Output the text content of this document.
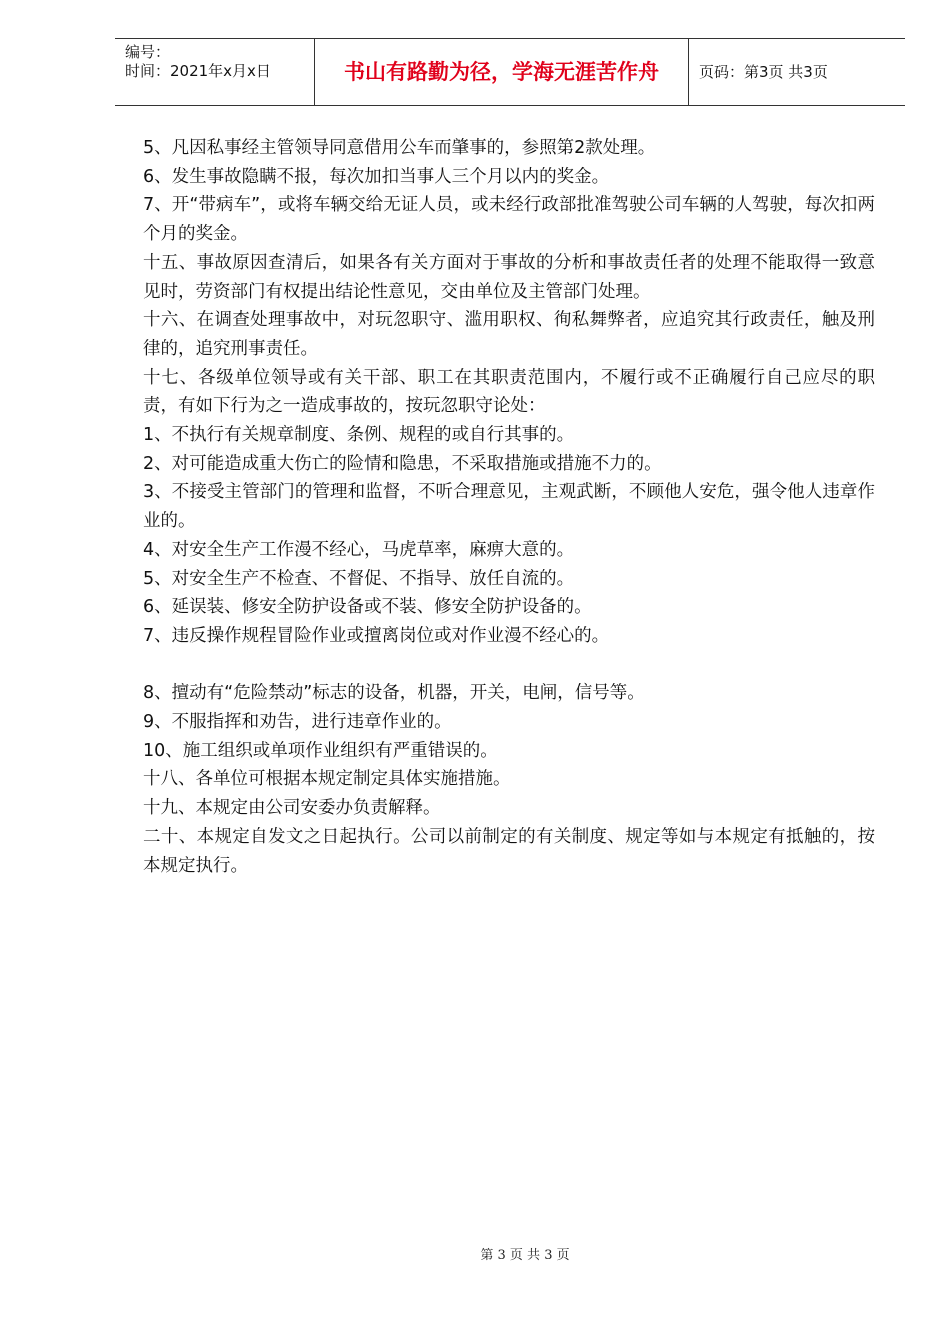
编号：
时间：2021年x月x日	书山有路勤为径，学海无涯苦作舟	页码：第3页 共3页

5、凡因私事经主管领导同意借用公车而肇事的，参照第2款处理。

6、发生事故隐瞒不报，每次加扣当事人三个月以内的奖金。

7、开“带病车”，或将车辆交给无证人员，或未经行政部批准驾驶公司车辆的人驾驶，每次扣两个月的奖金。

十五、事故原因查清后，如果各有关方面对于事故的分析和事故责任者的处理不能取得一致意见时，劳资部门有权提出结论性意见，交由单位及主管部门处理。

十六、在调查处理事故中，对玩忽职守、滥用职权、徇私舞弊者，应追究其行政责任，触及刑律的，追究刑事责任。

十七、各级单位领导或有关干部、职工在其职责范围内，不履行或不正确履行自己应尽的职责，有如下行为之一造成事故的，按玩忽职守论处：

1、不执行有关规章制度、条例、规程的或自行其事的。

2、对可能造成重大伤亡的险情和隐患，不采取措施或措施不力的。

3、不接受主管部门的管理和监督，不听合理意见，主观武断，不顾他人安危，强令他人违章作业的。

4、对安全生产工作漫不经心，马虎草率，麻痹大意的。

5、对安全生产不检查、不督促、不指导、放任自流的。

6、延误装、修安全防护设备或不装、修安全防护设备的。

7、违反操作规程冒险作业或擅离岗位或对作业漫不经心的。

8、擅动有“危险禁动”标志的设备，机器，开关，电闸，信号等。

9、不服指挥和劝告，进行违章作业的。

10、施工组织或单项作业组织有严重错误的。

十八、各单位可根据本规定制定具体实施措施。

十九、本规定由公司安委办负责解释。

二十、本规定自发文之日起执行。公司以前制定的有关制度、规定等如与本规定有抵触的，按本规定执行。

第 3 页 共 3 页
